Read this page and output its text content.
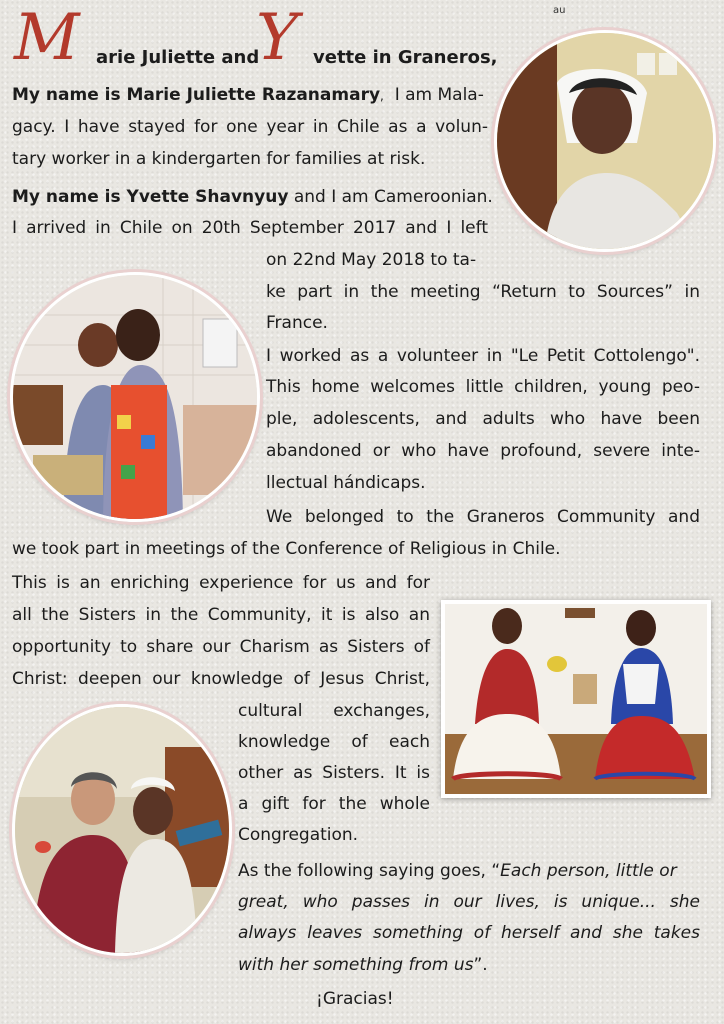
au
M arie Juliette and
Y vette in Graneros,
My name is Marie Juliette Razanamary, I am Mala-
gacy. I have stayed for one year in Chile as a volun-
tary worker in a kindergarten for families at risk.
My name is Yvette Shavnyuy and I am Cameroonian.
I arrived in Chile on 20th September 2017 and I left
on 22nd May 2018 to ta-
ke part in the meeting “Return to Sources” in
France.
I worked as a volunteer in "Le Petit Cottolengo".
This home welcomes little children, young peo-
ple, adolescents, and adults who have been
abandoned or who have profound, severe inte-
llectual hándicaps.
We belonged to the Graneros Community and
we took part in meetings of the Conference of Religious in Chile.
This is an enriching experience for us and for
all the Sisters in the Community, it is also an
opportunity to share our Charism as Sisters of
Christ: deepen our knowledge of Jesus Christ,
cultural exchanges,
knowledge of each
other as Sisters. It is
a gift for the whole
Congregation.
As the following saying goes, “Each person, little or
great, who passes in our lives, is unique... she
always leaves something of herself and she takes
with her something from us”.
¡Gracias!
